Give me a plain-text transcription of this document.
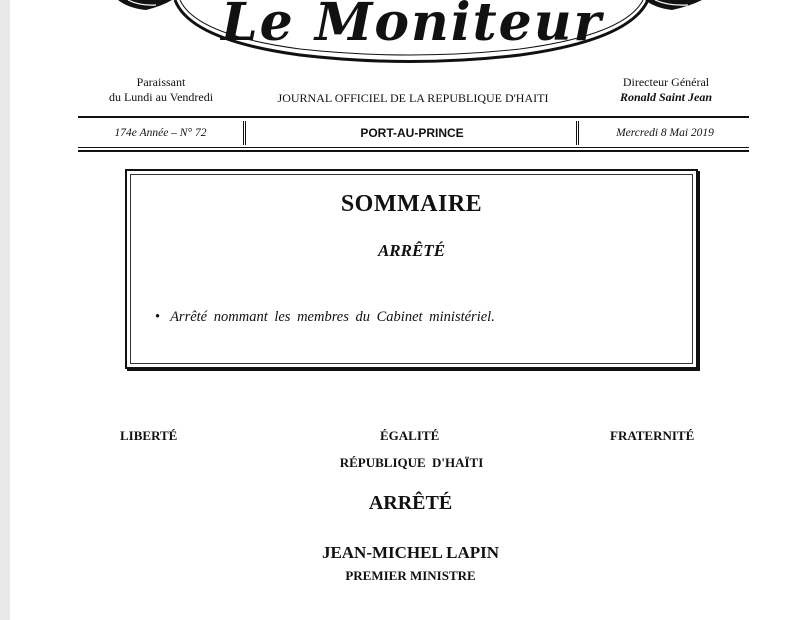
Le Moniteur
Paraissant
du Lundi au Vendredi	JOURNAL OFFICIEL DE LA REPUBLIQUE D'HAITI
Directeur Général
Ronald Saint Jean
174e Année – N° 72	PORT-AU-PRINCE	Mercredi 8 Mai 2019
SOMMAIRE
ARRÊTÉ
• Arrêté nommant les membres du Cabinet ministériel.
LIBERTÉ	ÉGALITÉ	FRATERNITÉ
RÉPUBLIQUE D'HAÏTI
ARRÊTÉ
JEAN-MICHEL LAPIN
PREMIER MINISTRE
